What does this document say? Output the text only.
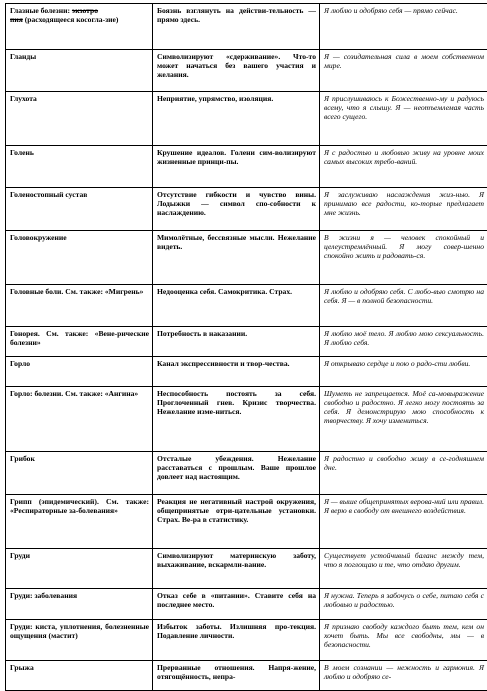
Глазные болезни: экзотро
пия (расходящееся косогла-зие)	Боязнь взглянуть на действи-тельность — прямо здесь.	Я люблю и одобряю себя — прямо сейчас.
Гланды	Символизируют «сдерживание». Что-то может начаться без вашего участия и желания.	Я — созидательная сила в моем собственном мире.
Глухота	Неприятие, упрямство, изоляция.	Я прислушиваюсь к Божественно-му и радуюсь всему, что я слышу. Я — неотъемлемая часть всего сущего.
Голень	Крушение идеалов. Голени сим-волизируют жизненные принци-пы.	Я с радостью и любовью живу на уровне моих самых высоких требо-ваний.
Голеностопный сустав	Отсутствие гибкости и чувство вины. Лодыжки — символ спо-собности к наслаждению.	Я заслуживаю наслаждения жиз-нью. Я принимаю все радости, ко-торые предлагает мне жизнь.
Головокружение	Мимолётные, бессвязные мысли. Нежелание видеть.	В жизни я — человек спокойный и целеустремлённый. Я могу совер-шенно спокойно жить и радовать-ся.
Головные боли. См. также: «Мигрень»	Недооценка себя. Самокритика. Страх.	Я люблю и одобряю себя. С любо-вью смотрю на себя. Я — в полной безопасности.
Гонорея. См. также: «Вене-рические болезни»	Потребность в наказании.	Я люблю моё тело. Я люблю мою сексуальность. Я люблю себя.
Горло	Канал экспрессивности и твор-чества.	Я открываю сердце и пою о радо-сти любви.
Горло: болезни. См. также: «Ангина»	Неспособность постоять за себя. Проглоченный гнев. Кризис творчества. Нежелание изме-ниться.	Шуметь не запрещается. Моё са-мовыражение свободно и радостно. Я легко могу постоять за себя. Я демонстрирую мою способность к творчеству. Я хочу измениться.
Грибок	Отсталые убеждения. Нежелание расставаться с прошлым. Ваше прошлое довлеет над настоящим.	Я радостно и свободно живу в се-годняшнем дне.
Грипп (эпидемический). См. также: «Респираторные за-болевания»	Реакция не негативный настрой окружения, общепринятые отри-цательные установки. Страх. Ве-ра в статистику.	Я — выше общепринятых верова-ний или правил. Я верю в свободу от внешнего воздействия.
Груди	Символизируют материнскую заботу, выхаживание, вскармли-вание.	Существует устойчивый баланс между тем, что я поглощаю и те, что отдаю другим.
Груди: заболевания	Отказ себе в «питании». Ставите себя на последнее место.	Я нужна. Теперь я забочусь о себе, питаю себя с любовью и радостью.
Груди: киста, уплотнения, болезненные ощущения (мастит)	Избыток заботы. Излишняя про-текция. Подавление личности.	Я признаю свободу каждого быть тем, кем он хочет быть. Мы все свободны, мы — в безопасности.
Грыжа	Прерванные отношения. Напря-жение, отягощённость, непра-	В моем сознании — нежность и гармония. Я люблю и одобряю се-
